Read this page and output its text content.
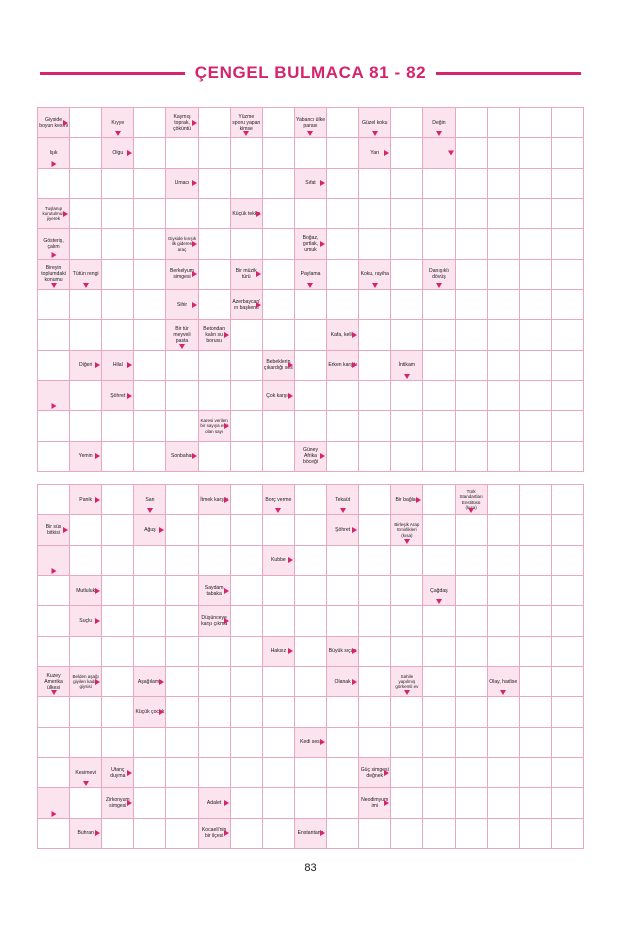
ÇENGEL BULMACA 81 - 82
Giyside boyun kesmi	Kıyye
Kaymış toprak, çöküntü
Yüzme sporu yapan kimse
Yabancı ülke parası	Güzel koku	Değin
Işık	Olgu	Yarı
Umacı	Sıfat
Tuşlanıp kurutulmuş jiyerek
Küçük tekke
Gösteriş, çalım
Giyside kırışık ilk gideren araç
Boğaz, gırtlak, umuk
Bireyin toplumdaki konumu
Tütün rengi	Berkelyum simgesi
Bir müzik türü	Paylama	Koku, rayiha	Danışıklı dövüş
Sihir	Azerbaycan'ın başkenti
Bir tür meyveli pasta
Betondan kalın su borusu
Kafa, kelle
Diğeri	Hilal	Bebeklerin çıkardığı ses	Erken karşıtı	İntikam
Şöhret	Çok karşıtı
Karesi verilen bir sayıya eşit olan sayı
Yemin	Sonbahar
Güney Afrika böceği
Panik	San	İtmek karşıtı	Borç verme	Tekaüt	Bir bağlaç
Türk Standartları Enstitüsü (kısa)
Bir süs bitkisi	Ağuş	Şöhret
Birleşik Arap Emirlikleri (kısa)
Kubbe
Mutluluk	Saydam tabaka	Çağdaş
Suçlu	Düşünceye karşı çıkma
Haksız	Büyük sıçan
Kuzey Amerika ülkesi
Belden aşağı giyilen kadın giysisi
Aşağılama	Olanak
Sahile yapılmış görkemli ev
Olay, hadise
Küçük çocuk
Kedi sesi
Kesimevi	Utanç duyma
Güç simgesi değnek
Zirkonyum simgesi	Adalet	Neodimyum imi
Buhran	Kocaeli'nin bir ilçesi	Enstantane
83
